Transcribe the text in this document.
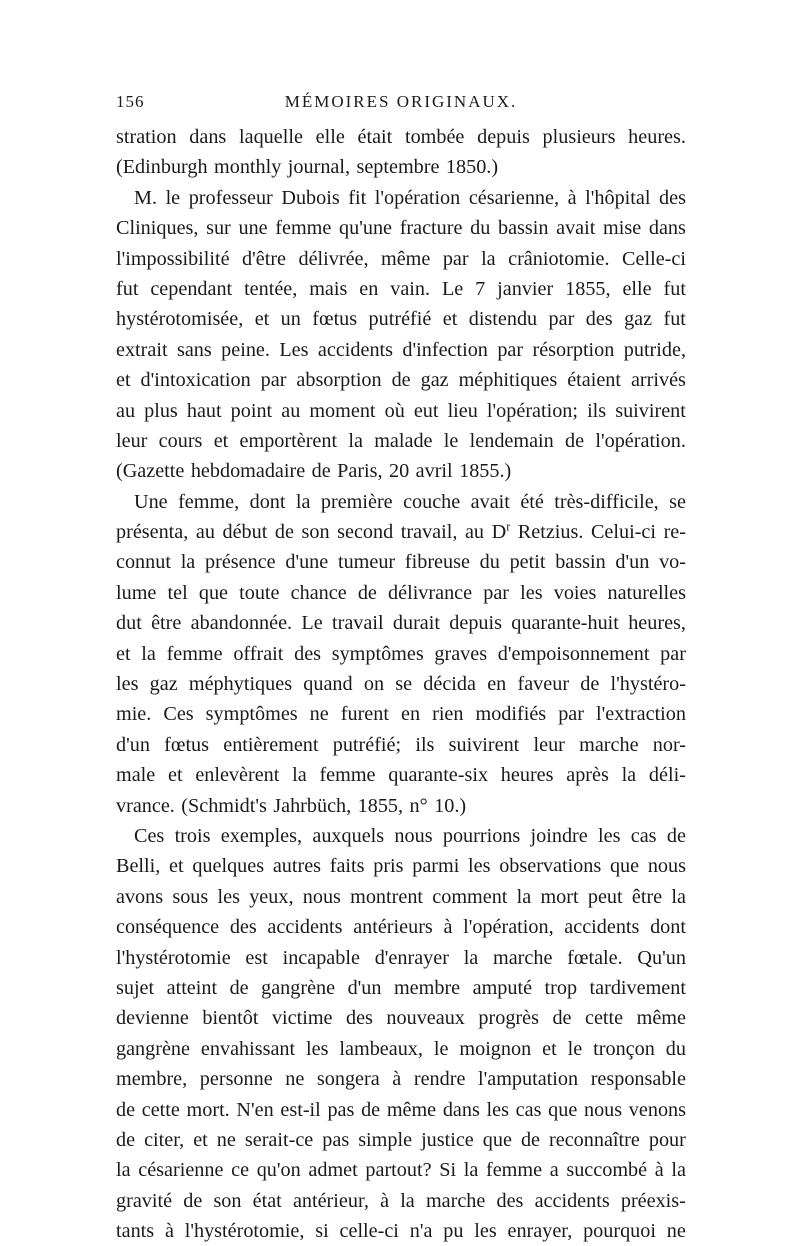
156	MÉMOIRES ORIGINAUX.
stration dans laquelle elle était tombée depuis plusieurs heures.
(Edinburgh monthly journal, septembre 1850.)
M. le professeur Dubois fit l'opération césarienne, à l'hôpital des
Cliniques, sur une femme qu'une fracture du bassin avait mise dans
l'impossibilité d'être délivrée, même par la crâniotomie. Celle-ci
fut cependant tentée, mais en vain. Le 7 janvier 1855, elle fut
hystérotomisée, et un fœtus putréfié et distendu par des gaz fut
extrait sans peine. Les accidents d'infection par résorption putride,
et d'intoxication par absorption de gaz méphitiques étaient arrivés
au plus haut point au moment où eut lieu l'opération; ils suivirent
leur cours et emportèrent la malade le lendemain de l'opération.
(Gazette hebdomadaire de Paris, 20 avril 1855.)
Une femme, dont la première couche avait été très-difficile, se
présenta, au début de son second travail, au $D^r$ Retzius. Celui-ci re-
connut la présence d'une tumeur fibreuse du petit bassin d'un vo-
lume tel que toute chance de délivrance par les voies naturelles
dut être abandonnée. Le travail durait depuis quarante-huit heures,
et la femme offrait des symptômes graves d'empoisonnement par
les gaz méphytiques quand on se décida en faveur de l'hystéro-
mie. Ces symptômes ne furent en rien modifiés par l'extraction
d'un fœtus entièrement putréfié; ils suivirent leur marche nor-
male et enlevèrent la femme quarante-six heures après la déli-
vrance. (Schmidt's Jahrbüch, 1855, n° 10.)
Ces trois exemples, auxquels nous pourrions joindre les cas de
Belli, et quelques autres faits pris parmi les observations que nous
avons sous les yeux, nous montrent comment la mort peut être la
conséquence des accidents antérieurs à l'opération, accidents dont
l'hystérotomie est incapable d'enrayer la marche fœtale. Qu'un
sujet atteint de gangrène d'un membre amputé trop tardivement
devienne bientôt victime des nouveaux progrès de cette même
gangrène envahissant les lambeaux, le moignon et le tronçon du
membre, personne ne songera à rendre l'amputation responsable
de cette mort. N'en est-il pas de même dans les cas que nous venons
de citer, et ne serait-ce pas simple justice que de reconnaître pour
la césarienne ce qu'on admet partout? Si la femme a succombé à la
gravité de son état antérieur, à la marche des accidents préexis-
tants à l'hystérotomie, si celle-ci n'a pu les enrayer, pourquoi ne
